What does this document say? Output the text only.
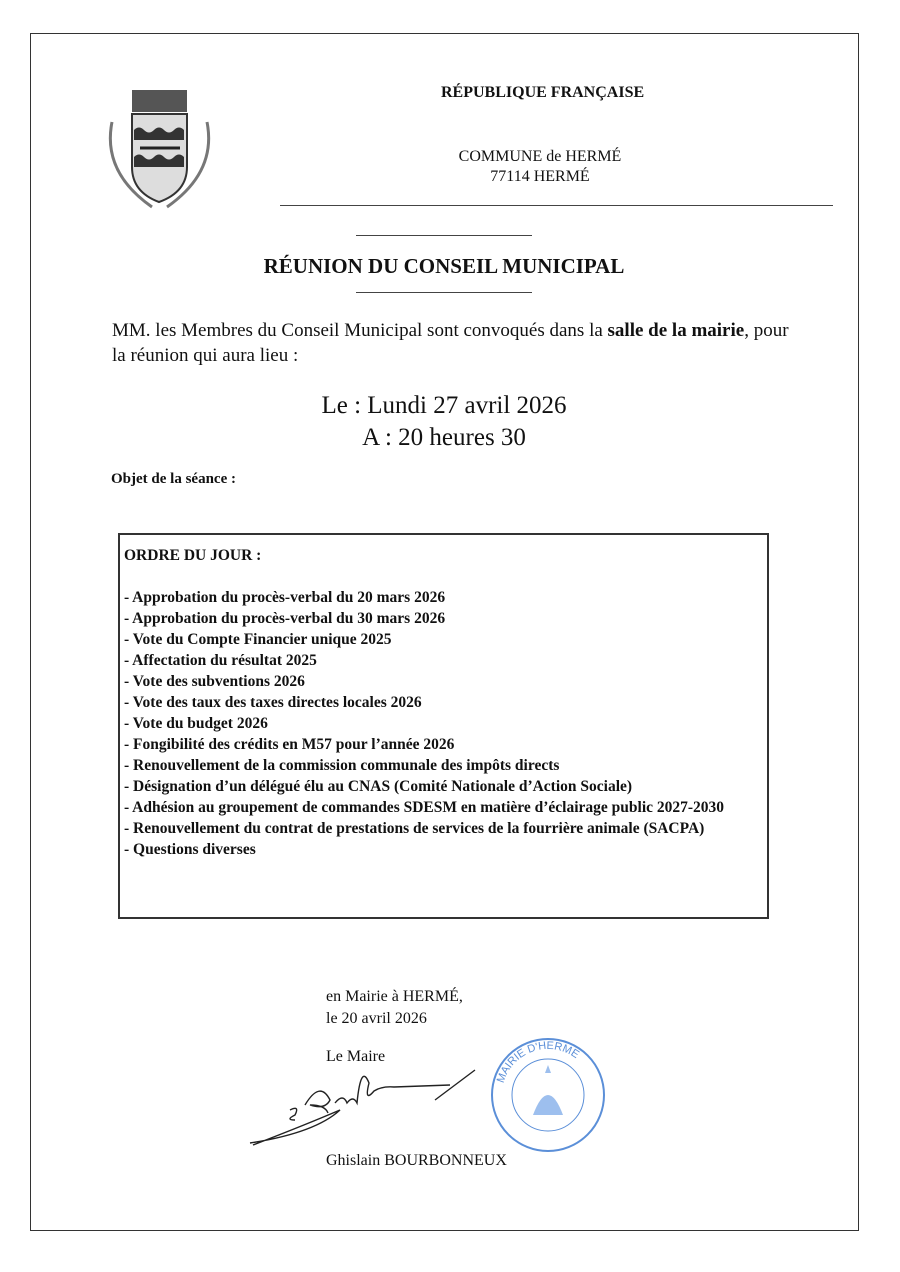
RÉPUBLIQUE FRANÇAISE
COMMUNE de HERMÉ
77114 HERMÉ
RÉUNION DU CONSEIL MUNICIPAL
MM. les Membres du Conseil Municipal sont convoqués dans la salle de la mairie, pour la réunion qui aura lieu :
Le : Lundi 27 avril 2026
A : 20 heures 30
Objet de la séance :
ORDRE DU JOUR :
- Approbation du procès-verbal du 20 mars 2026
- Approbation du procès-verbal du 30 mars 2026
- Vote du Compte Financier unique 2025
- Affectation du résultat 2025
- Vote des subventions 2026
- Vote des taux des taxes directes locales 2026
- Vote du budget 2026
- Fongibilité des crédits en M57 pour l’année 2026
- Renouvellement de la commission communale des impôts directs
- Désignation d’un délégué élu au CNAS (Comité Nationale d’Action Sociale)
- Adhésion au groupement de commandes SDESM en matière d’éclairage public 2027-2030
- Renouvellement du contrat de prestations de services de la fourrière animale (SACPA)
- Questions diverses
en Mairie à HERMÉ,
le 20 avril 2026
Le Maire
MAIRIE D'HERME
Ghislain BOURBONNEUX
